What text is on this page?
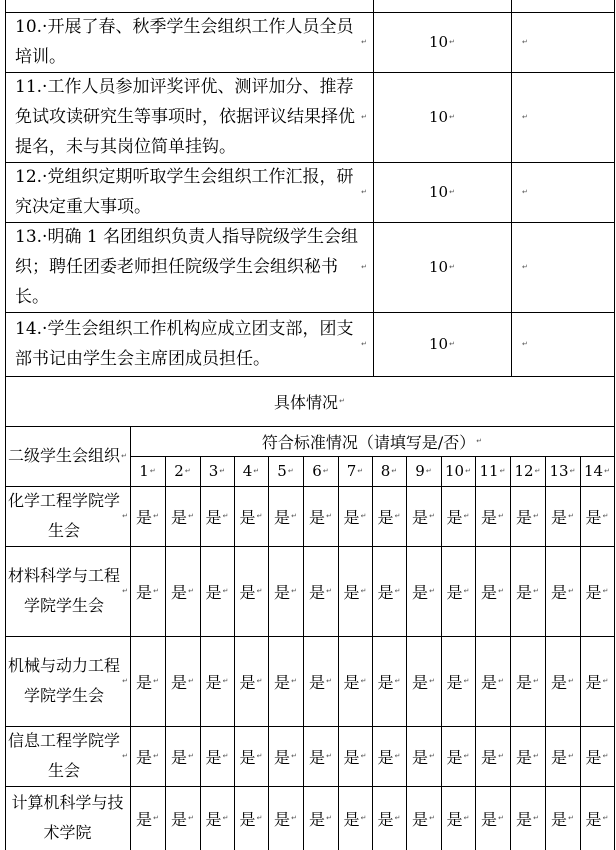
10.·开展了春、秋季学生会组织工作人员全员培训。
↵	10 ↵	↵
11.·工作人员参加评奖评优、测评加分、推荐免试攻读研究生等事项时，依据评议结果择优提名，未与其岗位简单挂钩。
↵	10 ↵	↵
12.·党组织定期听取学生会组织工作汇报，研究决定重大事项。
↵	10 ↵	↵
13.·明确 1 名团组织负责人指导院级学生会组织；聘任团委老师担任院级学生会组织秘书长。
↵	10 ↵	↵
14.·学生会组织工作机构应成立团支部，团支部书记由学生会主席团成员担任。
↵	10 ↵	↵
具体情况 ↵
二级学生会组织 ↵
符合标准情况（请填写是/否） ↵
1 ↵ 2 ↵ 3 ↵ 4 ↵ 5 ↵ 6 ↵ 7 ↵ 8 ↵ 9 ↵ 10 ↵ 11 ↵ 12 ↵ 13 ↵ 14 ↵
化学工程学院学生会
↵ 是 ↵ 是 ↵ 是 ↵ 是 ↵ 是 ↵ 是 ↵ 是 ↵ 是 ↵ 是 ↵ 是 ↵ 是 ↵ 是 ↵ 是 ↵ 是 ↵
材料科学与工程学院学生会
↵ 是 ↵ 是 ↵ 是 ↵ 是 ↵ 是 ↵ 是 ↵ 是 ↵ 是 ↵ 是 ↵ 是 ↵ 是 ↵ 是 ↵ 是 ↵ 是 ↵
机械与动力工程学院学生会
↵ 是 ↵ 是 ↵ 是 ↵ 是 ↵ 是 ↵ 是 ↵ 是 ↵ 是 ↵ 是 ↵ 是 ↵ 是 ↵ 是 ↵ 是 ↵ 是 ↵
信息工程学院学生会
↵ 是 ↵ 是 ↵ 是 ↵ 是 ↵ 是 ↵ 是 ↵ 是 ↵ 是 ↵ 是 ↵ 是 ↵ 是 ↵ 是 ↵ 是 ↵ 是 ↵
计算机科学与技术学院
是 ↵ 是 ↵ 是 ↵ 是 ↵ 是 ↵ 是 ↵ 是 ↵ 是 ↵ 是 ↵ 是 ↵ 是 ↵ 是 ↵ 是 ↵ 是 ↵
